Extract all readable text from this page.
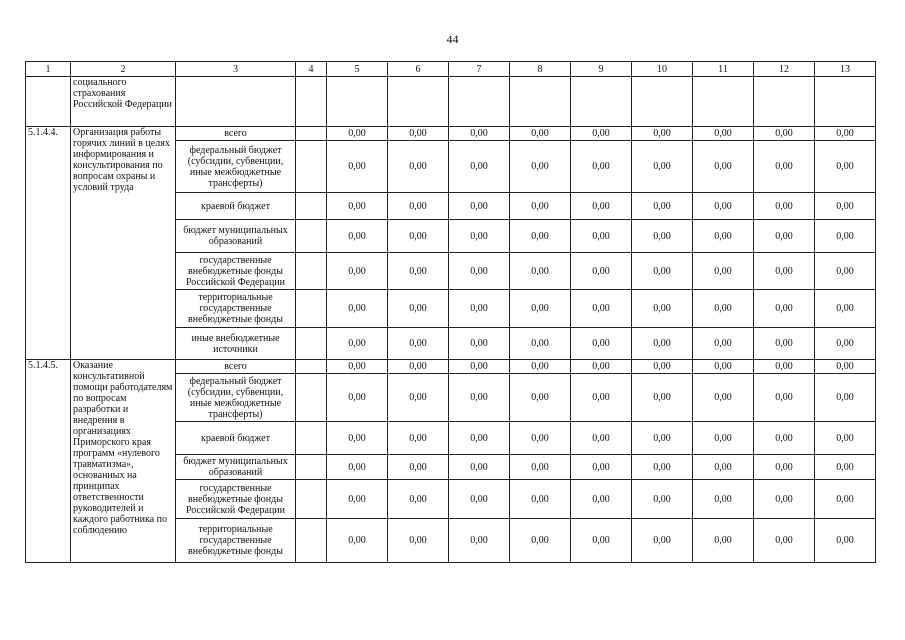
44
1	2	3	4	5	6	7	8	9	10	11	12	13
	социального страхования Российской Федерации											
5.1.4.4.	Организация работы горячих линий в целях информирования и консультирования по вопросам охраны и условий труда	всего		0,00	0,00	0,00	0,00	0,00	0,00	0,00	0,00	0,00
		федеральный бюджет (субсидии, субвенции, иные межбюджетные трансферты)		0,00	0,00	0,00	0,00	0,00	0,00	0,00	0,00	0,00
		краевой бюджет		0,00	0,00	0,00	0,00	0,00	0,00	0,00	0,00	0,00
		бюджет муниципальных образований		0,00	0,00	0,00	0,00	0,00	0,00	0,00	0,00	0,00
		государственные внебюджетные фонды Российской Федерации		0,00	0,00	0,00	0,00	0,00	0,00	0,00	0,00	0,00
		территориальные государственные внебюджетные фонды		0,00	0,00	0,00	0,00	0,00	0,00	0,00	0,00	0,00
		иные внебюджетные источники		0,00	0,00	0,00	0,00	0,00	0,00	0,00	0,00	0,00
5.1.4.5.	Оказание консультативной помощи работодателям по вопросам разработки и внедрения в организациях Приморского края программ «нулевого травматизма», основанных на принципах ответственности руководителей и каждого работника по соблюдению	всего		0,00	0,00	0,00	0,00	0,00	0,00	0,00	0,00	0,00
		федеральный бюджет (субсидии, субвенции, иные межбюджетные трансферты)		0,00	0,00	0,00	0,00	0,00	0,00	0,00	0,00	0,00
		краевой бюджет		0,00	0,00	0,00	0,00	0,00	0,00	0,00	0,00	0,00
		бюджет муниципальных образований		0,00	0,00	0,00	0,00	0,00	0,00	0,00	0,00	0,00
		государственные внебюджетные фонды Российской Федерации		0,00	0,00	0,00	0,00	0,00	0,00	0,00	0,00	0,00
		территориальные государственные внебюджетные фонды		0,00	0,00	0,00	0,00	0,00	0,00	0,00	0,00	0,00
